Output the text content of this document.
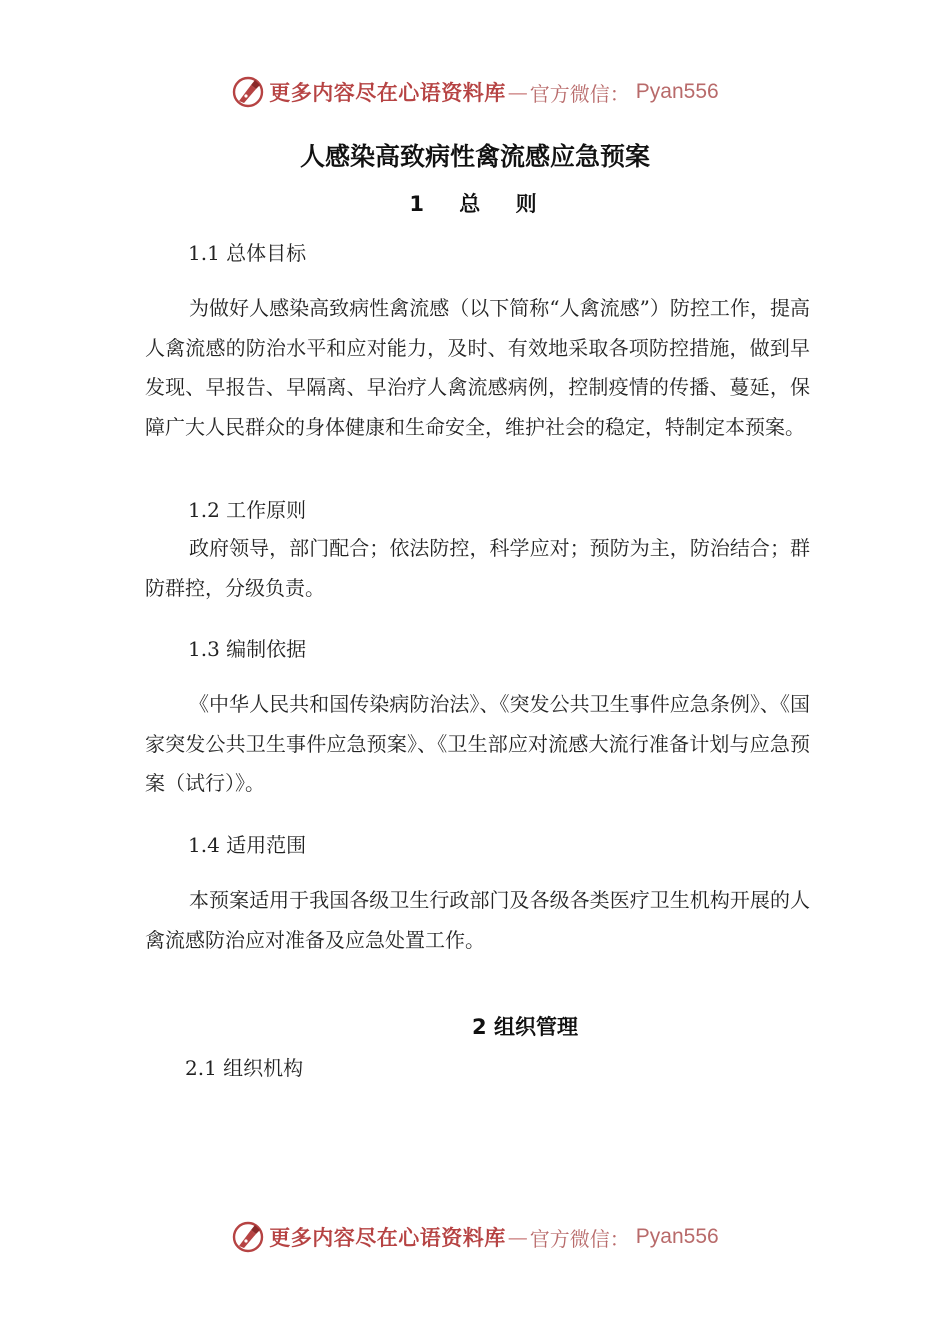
更多内容尽在心语资料库 — 官方微信： Pyan556
人感染高致病性禽流感应急预案
1 总 则
1.1 总体目标
为做好人感染高致病性禽流感（以下简称“人禽流感”）防控工作，提高人禽流感的防治水平和应对能力，及时、有效地采取各项防控措施，做到早发现、早报告、早隔离、早治疗人禽流感病例，控制疫情的传播、蔓延，保障广大人民群众的身体健康和生命安全，维护社会的稳定，特制定本预案。
1.2 工作原则
政府领导，部门配合；依法防控，科学应对；预防为主，防治结合；群防群控，分级负责。
1.3 编制依据
《中华人民共和国传染病防治法》、《突发公共卫生事件应急条例》、《国家突发公共卫生事件应急预案》、《卫生部应对流感大流行准备计划与应急预案（试行）》。
1.4 适用范围
本预案适用于我国各级卫生行政部门及各级各类医疗卫生机构开展的人禽流感防治应对准备及应急处置工作。
2 组织管理
2.1 组织机构
更多内容尽在心语资料库 — 官方微信： Pyan556
